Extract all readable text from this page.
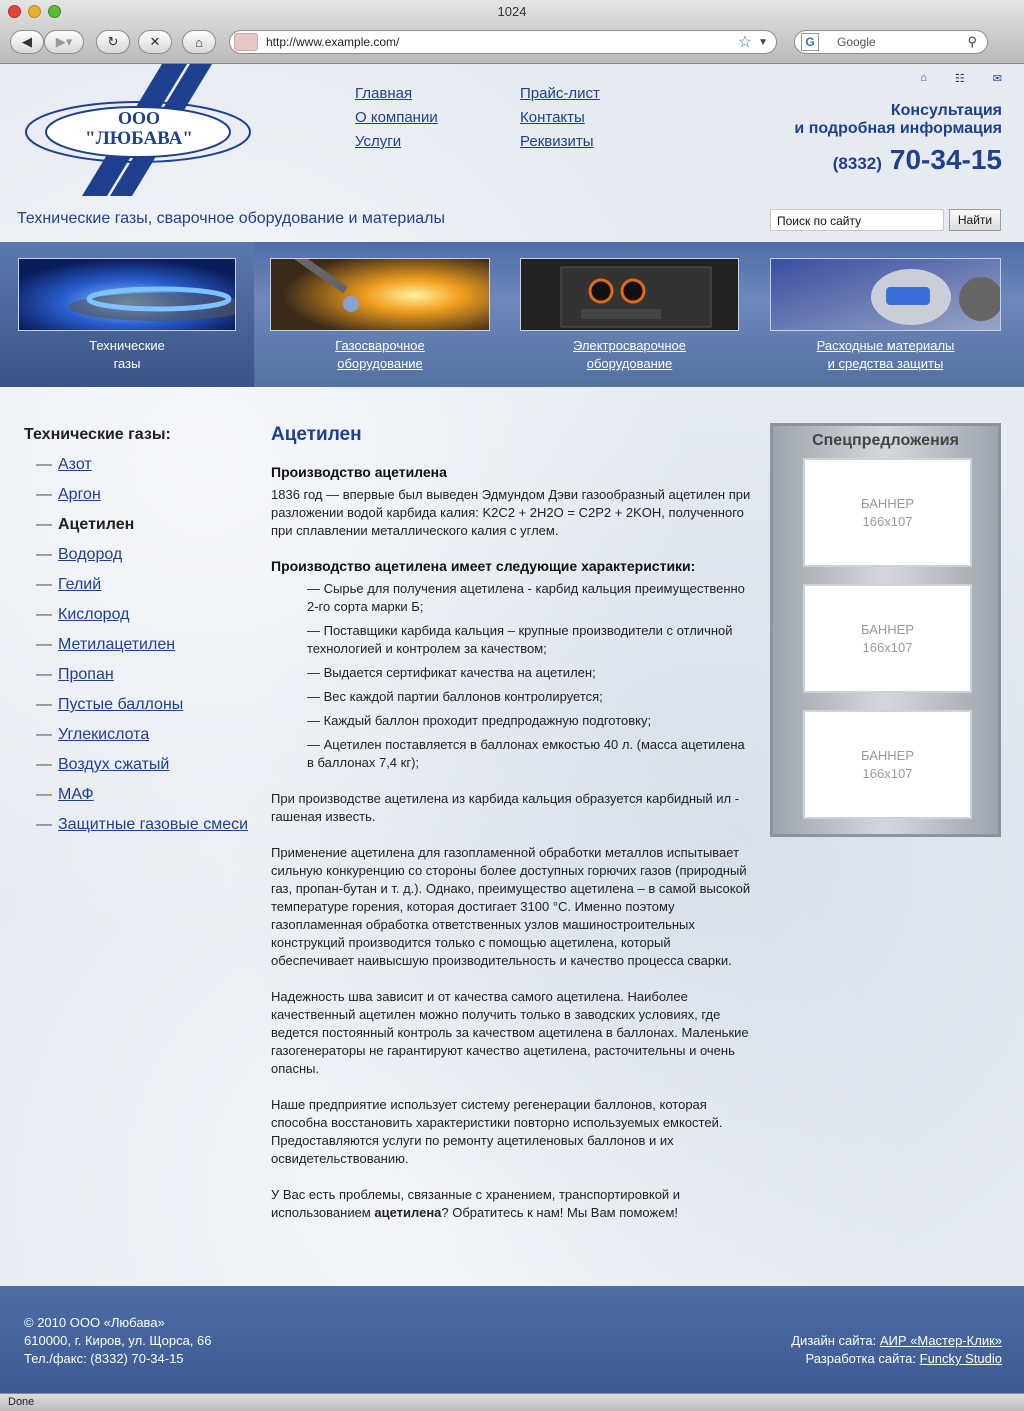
1024
◀ ▶▾	↻ ✕	⌂	http://www.example.com/	☆ ▼	G	Google	⚲
ООО
"ЛЮБАВА"
Главная
О компании
Услуги
Прайс-лист
Контакты
Реквизиты
⌂	☷	✉
Консультация
и подробная информация
(8332) 70-34-15
Технические газы, сварочное оборудование и материалы	Поиск по сайту	Найти
Технические
газы
Газосварочное
оборудование
Электросварочное
оборудование
Расходные материалы
и средства защиты
Технические газы:
— Азот
— Аргон
— Ацетилен
— Водород
— Гелий
— Кислород
— Метилацетилен
— Пропан
— Пустые баллоны
— Углекислота
— Воздух сжатый
— МАФ
— Защитные газовые смеси
Ацетилен
Производство ацетилена

1836 год — впервые был выведен Эдмундом Дэви газообразный ацетилен при разложении водой карбида калия: K2C2 + 2H2O = C2P2 + 2KOH, полученного при сплавлении металлического калия с углем.

Производство ацетилена имеет следующие характеристики:
— Сырье для получения ацетилена - карбид кальция преимущественно 2-го сорта марки Б;
— Поставщики карбида кальция – крупные производители с отличной технологией и контролем за качеством;
— Выдается сертификат качества на ацетилен;
— Вес каждой партии баллонов контролируется;
— Каждый баллон проходит предпродажную подготовку;
— Ацетилен поставляется в баллонах емкостью 40 л. (масса ацетилена в баллонах 7,4 кг);

При производстве ацетилена из карбида кальция образуется карбидный ил - гашеная известь.

Применение ацетилена для газопламенной обработки металлов испытывает сильную конкуренцию со стороны более доступных горючих газов (природный газ, пропан-бутан и т. д.). Однако, преимущество ацетилена – в самой высокой температуре горения, которая достигает 3100 °С. Именно поэтому газопламенная обработка ответственных узлов машиностроительных конструкций производится только с помощью ацетилена, который обеспечивает наивысшую производительность и качество процесса сварки.

Надежность шва зависит и от качества самого ацетилена. Наиболее качественный ацетилен можно получить только в заводских условиях, где ведется постоянный контроль за качеством ацетилена в баллонах. Маленькие газогенераторы не гарантируют качество ацетилена, расточительны и очень опасны.

Наше предприятие использует систему регенерации баллонов, которая способна восстановить характеристики повторно используемых емкостей. Предоставляются услуги по ремонту ацетиленовых баллонов и их освидетельствованию.

У Вас есть проблемы, связанные с хранением, транспортировкой и использованием ацетилена? Обратитесь к нам! Мы Вам поможем!

Спецпредложения
БАННЕР
166x107
БАННЕР
166x107
БАННЕР
166x107
© 2010 ООО «Любава»
610000, г. Киров, ул. Щорса, 66
Тел./факс: (8332) 70-34-15
Дизайн сайта: АИР «Мастер-Клик»
Разработка сайта: Funcky Studio
Done
